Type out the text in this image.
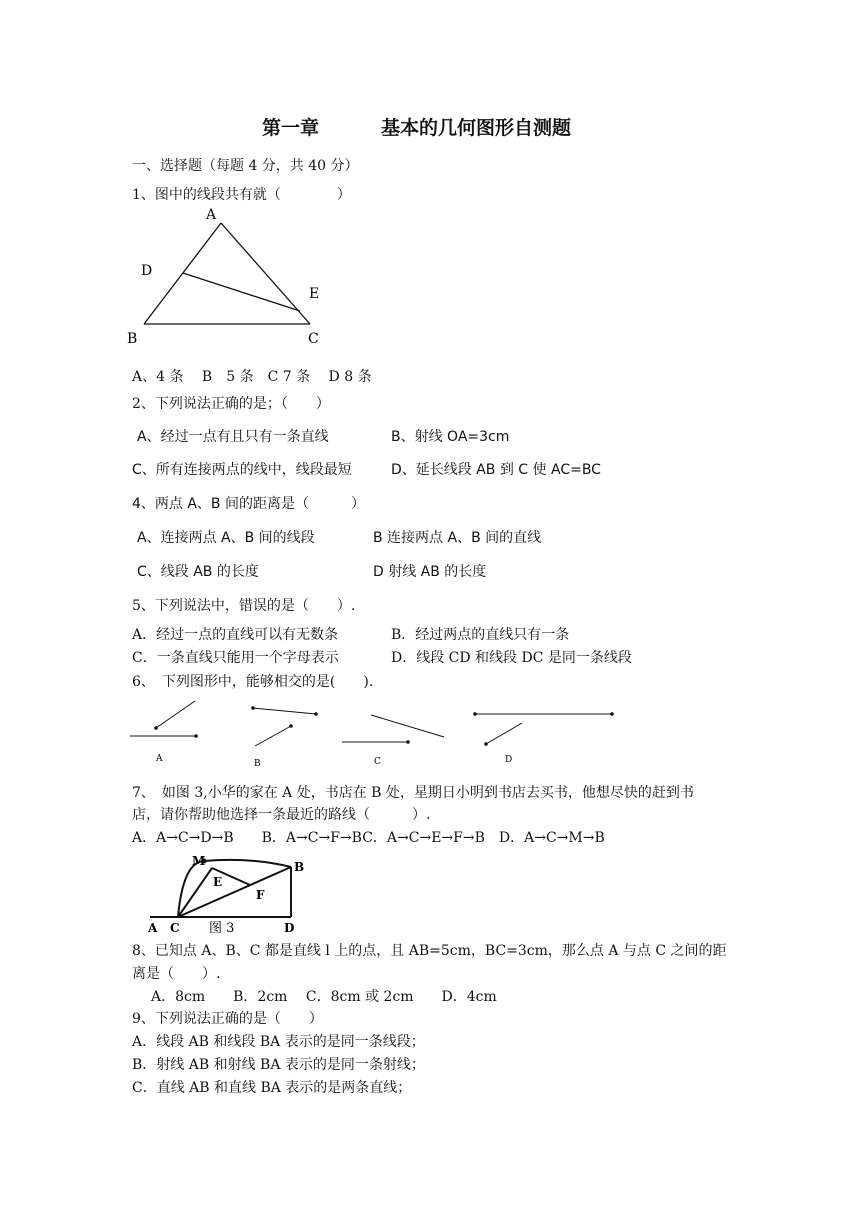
第一章	基本的几何图形自测题
一、选择题（每题 4 分，共 40 分）
1、图中的线段共有就（　　　　）
A
D
E
B	C
A、4 条　 B　5 条　C 7 条　 D 8 条
2、下列说法正确的是；（　　）
A、经过一点有且只有一条直线	B、射线 OA=3cm
C、所有连接两点的线中，线段最短	D、延长线段 AB 到 C 使 AC=BC
4、两点 A、B 间的距离是（　　　）
A、连接两点 A、B 间的线段	B 连接两点 A、B 间的直线
C、线段 AB 的长度	D 射线 AB 的长度
5、下列说法中，错误的是（　　）.
A．经过一点的直线可以有无数条	B．经过两点的直线只有一条
C．一条直线只能用一个字母表示	D．线段 CD 和线段 DC 是同一条线段
6、　下列图形中，能够相交的是(　　).
A	B	C	D
7、　如图 3,小华的家在 A 处，书店在 B 处，星期日小明到书店去买书，他想尽快的赶到书
店，请你帮助他选择一条最近的路线（　　　）.
A．A→C→D→B　　B．A→C→F→BC．A→C→E→F→B　D．A→C→M→B
M
E
F
B
A C 图 3	D
8、已知点 A、B、C 都是直线 l 上的点，且 AB=5cm，BC=3cm，那么点 A 与点 C 之间的距
离是（　　）.
A．8cm　　B．2cm　 C．8cm 或 2cm　　D．4cm
9、下列说法正确的是（　　）
A．线段 AB 和线段 BA 表示的是同一条线段；
B．射线 AB 和射线 BA 表示的是同一条射线；
C．直线 AB 和直线 BA 表示的是两条直线；
